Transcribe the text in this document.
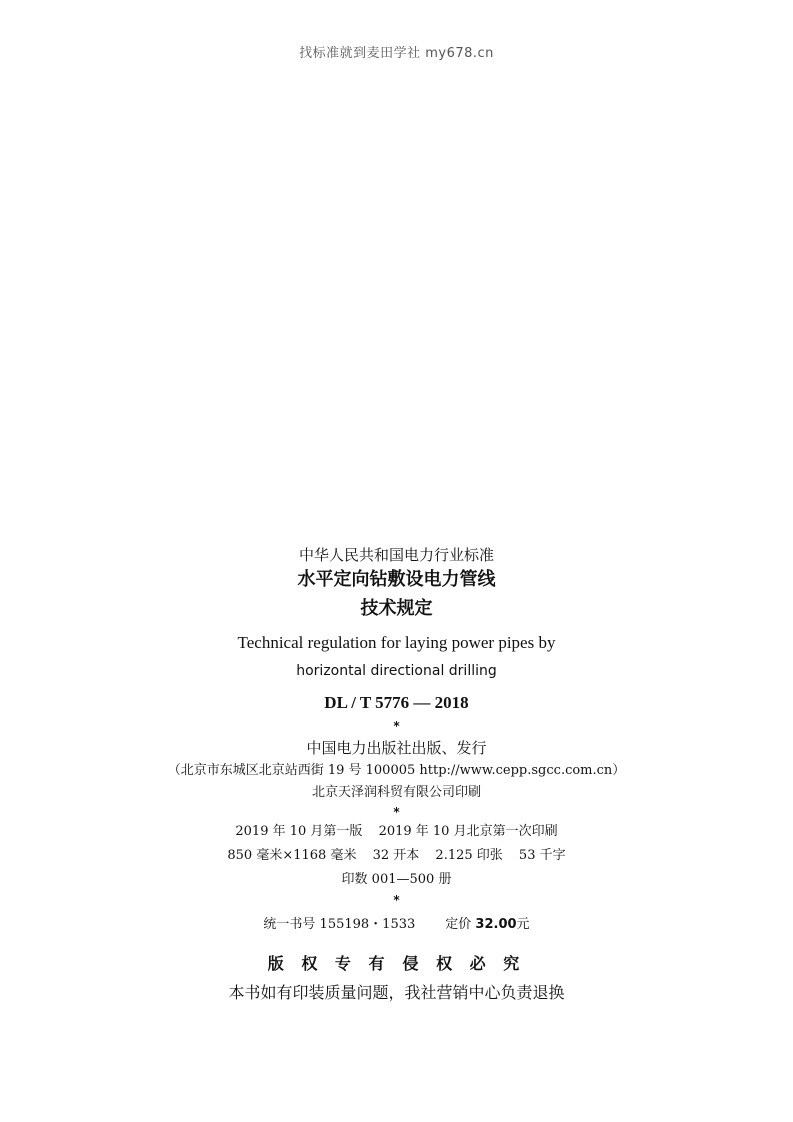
找标准就到麦田学社 my678.cn
中华人民共和国电力行业标准
水平定向钻敷设电力管线
技术规定
Technical regulation for laying power pipes by
horizontal directional drilling
DL / T 5776 — 2018
*
中国电力出版社出版、发行
（北京市东城区北京站西街 19 号 100005 http://www.cepp.sgcc.com.cn）
北京天泽润科贸有限公司印刷
*
2019 年 10 月第一版 2019 年 10 月北京第一次印刷
850 毫米×1168 毫米 32 开本 2.125 印张 53 千字
印数 001—500 册
*
统一书号 155198・1533 定价 32.00元
版 权 专 有 侵 权 必 究
本书如有印装质量问题，我社营销中心负责退换
